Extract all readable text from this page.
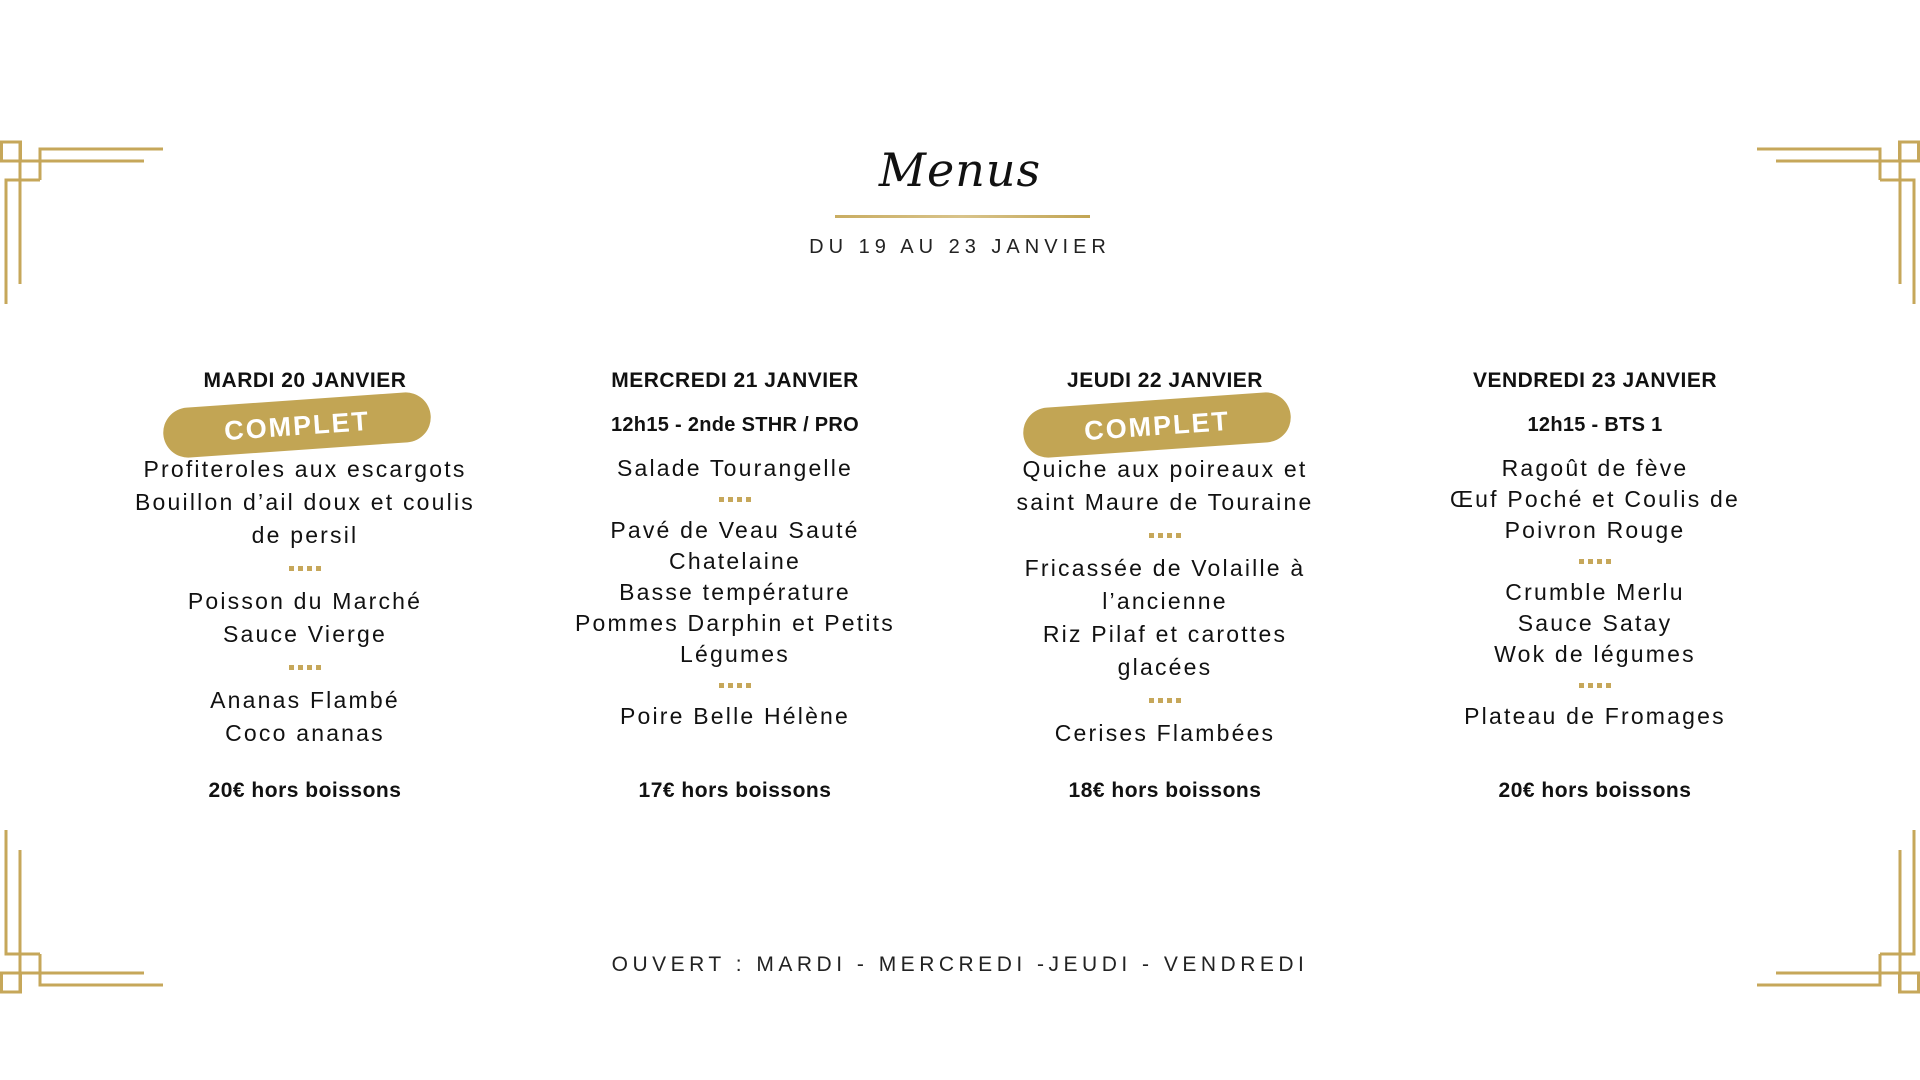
Menus
DU 19 AU 23 JANVIER
MARDI 20 JANVIER
COMPLET
Profiteroles aux escargots
Bouillon d’ail doux et coulis
de persil
Poisson du Marché
Sauce Vierge
Ananas Flambé
Coco ananas
20€ hors boissons
MERCREDI 21 JANVIER
12h15 - 2nde STHR / PRO
Salade Tourangelle
Pavé de Veau Sauté
Chatelaine
Basse température
Pommes Darphin et Petits
Légumes
Poire Belle Hélène
17€ hors boissons
JEUDI 22 JANVIER
COMPLET
Quiche aux poireaux et
saint Maure de Touraine
Fricassée de Volaille à
l’ancienne
Riz Pilaf et carottes
glacées
Cerises Flambées
18€ hors boissons
VENDREDI 23 JANVIER
12h15 - BTS 1
Ragoût de fève
Œuf Poché et Coulis de
Poivron Rouge
Crumble Merlu
Sauce Satay
Wok de légumes
Plateau de Fromages
20€ hors boissons
OUVERT : MARDI - MERCREDI -JEUDI - VENDREDI
